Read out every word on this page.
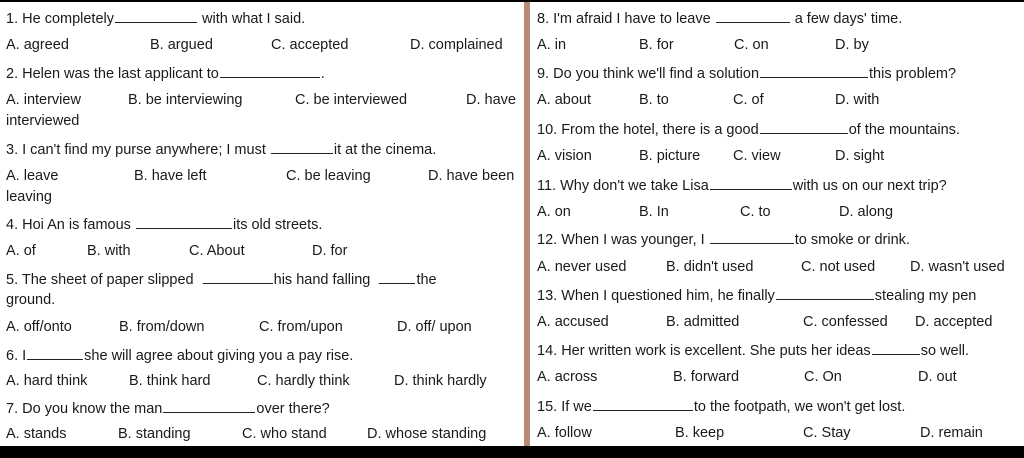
1. He completely	with what I said.
A. agreed	B. argued	C. accepted	D. complained
2. Helen was the last applicant to	.
A. interview	B. be interviewing	C. be interviewed	D. have
interviewed
3. I can't find my purse anywhere; I must	it at the cinema.
A. leave	B. have left	C. be leaving	D. have been
leaving
4. Hoi An is famous	its old streets.
A. of	B. with	C. About	D. for
5. The sheet of paper slipped	his hand falling	the
ground.
A. off/onto	B. from/down	C. from/upon	D. off/ upon
6. I	she will agree about giving you a pay rise.
A. hard think	B. think hard	C. hardly think	D. think hardly
7. Do you know the man	over there?
A. stands	B. standing	C. who stand	D. whose standing
8. I'm afraid I have to leave	a few days' time.
A. in	B. for	C. on	D. by
9. Do you think we'll find a solution	this problem?
A. about	B. to	C. of	D. with
10. From the hotel, there is a good	of the mountains.
A. vision	B. picture C. view	D. sight
11. Why don't we take Lisa	with us on our next trip?
A. on	B. In	C. to	D. along
12. When I was younger, I	to smoke or drink.
A. never used	B. didn't used	C. not used D. wasn't used
13. When I questioned him, he finally	stealing my pen
A. accused	B. admitted	C. confessed D. accepted
14. Her written work is excellent. She puts her ideas	so well.
A. across	B. forward	C. On	D. out
15. If we	to the footpath, we won't get lost.
A. follow	B. keep	C. Stay	D. remain
